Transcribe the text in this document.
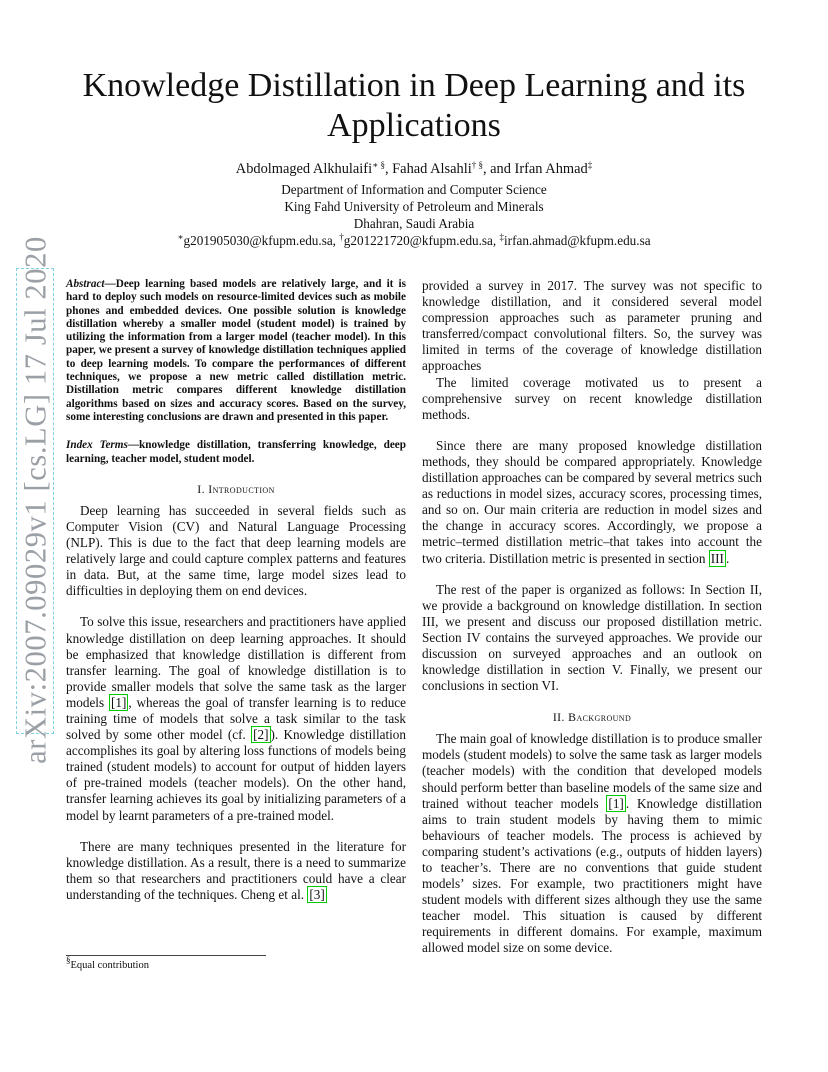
arXiv:2007.09029v1 [cs.LG] 17 Jul 2020
Knowledge Distillation in Deep Learning and its Applications
Abdolmaged Alkhulaifi∗ §, Fahad Alsahli† §, and Irfan Ahmad‡
Department of Information and Computer Science
King Fahd University of Petroleum and Minerals
Dhahran, Saudi Arabia
∗g201905030@kfupm.edu.sa, †g201221720@kfupm.edu.sa, ‡irfan.ahmad@kfupm.edu.sa

Abstract—Deep learning based models are relatively large, and it is hard to deploy such models on resource-limited devices such as mobile phones and embedded devices. One possible solution is knowledge distillation whereby a smaller model (student model) is trained by utilizing the information from a larger model (teacher model). In this paper, we present a survey of knowledge distillation techniques applied to deep learning models. To compare the performances of different techniques, we propose a new metric called distillation metric. Distillation metric compares different knowledge distillation algorithms based on sizes and accuracy scores. Based on the survey, some interesting conclusions are drawn and presented in this paper.

Index Terms—knowledge distillation, transferring knowledge, deep learning, teacher model, student model.

I. Introduction

Deep learning has succeeded in several fields such as Computer Vision (CV) and Natural Language Processing (NLP). This is due to the fact that deep learning models are relatively large and could capture complex patterns and features in data. But, at the same time, large model sizes lead to difficulties in deploying them on end devices.

To solve this issue, researchers and practitioners have applied knowledge distillation on deep learning approaches. It should be emphasized that knowledge distillation is different from transfer learning. The goal of knowledge distillation is to provide smaller models that solve the same task as the larger models [1] , whereas the goal of transfer learning is to reduce training time of models that solve a task similar to the task solved by some other model (cf. [2] ). Knowledge distillation accomplishes its goal by altering loss functions of models being trained (student models) to account for output of hidden layers of pre-trained models (teacher models). On the other hand, transfer learning achieves its goal by initializing parameters of a model by learnt parameters of a pre-trained model.

There are many techniques presented in the literature for knowledge distillation. As a result, there is a need to summarize them so that researchers and practitioners could have a clear understanding of the techniques. Cheng et al. [3]

provided a survey in 2017. The survey was not specific to knowledge distillation, and it considered several model compression approaches such as parameter pruning and transferred/compact convolutional filters. So, the survey was limited in terms of the coverage of knowledge distillation approaches

The limited coverage motivated us to present a comprehensive survey on recent knowledge distillation methods.

Since there are many proposed knowledge distillation methods, they should be compared appropriately. Knowledge distillation approaches can be compared by several metrics such as reductions in model sizes, accuracy scores, processing times, and so on. Our main criteria are reduction in model sizes and the change in accuracy scores. Accordingly, we propose a metric–termed distillation metric–that takes into account the two criteria. Distillation metric is presented in section III .

The rest of the paper is organized as follows: In Section II, we provide a background on knowledge distillation. In section III, we present and discuss our proposed distillation metric. Section IV contains the surveyed approaches. We provide our discussion on surveyed approaches and an outlook on knowledge distillation in section V. Finally, we present our conclusions in section VI.

II. Background

The main goal of knowledge distillation is to produce smaller models (student models) to solve the same task as larger models (teacher models) with the condition that developed models should perform better than baseline models of the same size and trained without teacher models [1] . Knowledge distillation aims to train student models by having them to mimic behaviours of teacher models. The process is achieved by comparing student’s activations (e.g., outputs of hidden layers) to teacher’s. There are no conventions that guide student models’ sizes. For example, two practitioners might have student models with different sizes although they use the same teacher model. This situation is caused by different requirements in different domains. For example, maximum allowed model size on some device.

§Equal contribution
